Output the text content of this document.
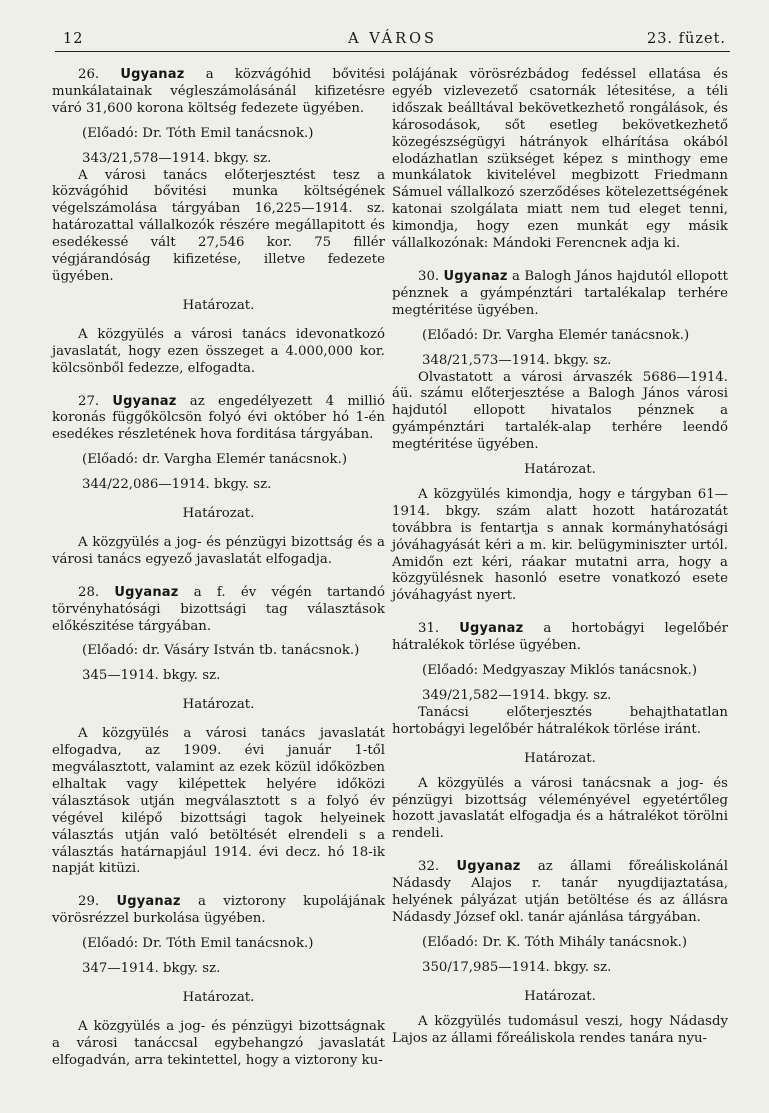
12	A VÁROS	23. füzet.

26. Ugyanaz a közvágóhid bővitési munkálatainak végleszámolásánál kifizetésre váró 31,600 korona költség fedezete ügyében.

(Előadó: Dr. Tóth Emil tanácsnok.)

343/21,578—1914. bkgy. sz.

A városi tanács előterjesztést tesz a közvágóhid bővitési munka költségének végelszámolása tárgyában 16,225—1914. sz. határozattal vállalkozók részére megállapitott és esedékessé vált 27,546 kor. 75 fillér végjárandóság kifizetése, illetve fedezete ügyében.

Határozat.

A közgyülés a városi tanács idevonatkozó javaslatát, hogy ezen összeget a 4.000,000 kor. kölcsönből fedezze, elfogadta.

27. Ugyanaz az engedélyezett 4 millió koronás függőkölcsön folyó évi október hó 1-én esedékes részletének hova forditása tárgyában.

(Előadó: dr. Vargha Elemér tanácsnok.)

344/22,086—1914. bkgy. sz.

Határozat.

A közgyülés a jog- és pénzügyi bizottság és a városi tanács egyező javaslatát elfogadja.

28. Ugyanaz a f. év végén tartandó törvényhatósági bizottsági tag választások előkészitése tárgyában.

(Előadó: dr. Vásáry István tb. tanácsnok.)

345—1914. bkgy. sz.

Határozat.

A közgyülés a városi tanács javaslatát elfogadva, az 1909. évi január 1-től megválasztott, valamint az ezek közül időközben elhaltak vagy kilépettek helyére időközi választások utján megválasztott s a folyó év végével kilépő bizottsági tagok helyeinek választás utján való betöltését elrendeli s a választás határnapjául 1914. évi decz. hó 18-ik napját kitüzi.

29. Ugyanaz a viztorony kupolájának vörösrézzel burkolása ügyében.

(Előadó: Dr. Tóth Emil tanácsnok.)

347—1914. bkgy. sz.

Határozat.

A közgyülés a jog- és pénzügyi bizottságnak a városi tanáccsal egybehangzó javaslatát elfogadván, arra tekintettel, hogy a viztorony ku-

polájának vörösrézbádog fedéssel ellatása és egyéb vizlevezető csatornák létesitése, a téli időszak beálltával bekövetkezhető rongálások, és károsodások, sőt esetleg bekövetkezhető közegészségügyi hátrányok elhárítása okából elodázhatlan szükséget képez s minthogy eme munkálatok kivitelével megbizott Friedmann Sámuel vállalkozó szerződéses kötelezettségének katonai szolgálata miatt nem tud eleget tenni, kimondja, hogy ezen munkát egy másik vállalkozónak: Mándoki Ferencnek adja ki.

30. Ugyanaz a Balogh János hajdutól ellopott pénznek a gyámpénztári tartalékalap terhére megtéritése ügyében.

(Előadó: Dr. Vargha Elemér tanácsnok.)

348/21,573—1914. bkgy. sz.

Olvastatott a városi árvaszék 5686—1914. áü. számu előterjesztése a Balogh János városi hajdutól ellopott hivatalos pénznek a gyámpénztári tartalék-alap terhére leendő megtéritése ügyében.

Határozat.

A közgyülés kimondja, hogy e tárgyban 61—1914. bkgy. szám alatt hozott határozatát továbbra is fentartja s annak kormányhatósági jóváhagyását kéri a m. kir. belügyminiszter urtól. Amidőn ezt kéri, ráakar mutatni arra, hogy a közgyülésnek hasonló esetre vonatkozó esete jóváhagyást nyert.

31. Ugyanaz a hortobágyi legelőbér hátralékok törlése ügyében.

(Előadó: Medgyaszay Miklós tanácsnok.)

349/21,582—1914. bkgy. sz.

Tanácsi előterjesztés behajthatatlan hortobágyi legelőbér hátralékok törlése iránt.

Határozat.

A közgyülés a városi tanácsnak a jog- és pénzügyi bizottság véleményével egyetértőleg hozott javaslatát elfogadja és a hátralékot törölni rendeli.

32. Ugyanaz az állami főreáliskolánál Nádasdy Alajos r. tanár nyugdijaztatása, helyének pályázat utján betöltése és az állásra Nádasdy József okl. tanár ajánlása tárgyában.

(Előadó: Dr. K. Tóth Mihály tanácsnok.)

350/17,985—1914. bkgy. sz.

Határozat.

A közgyülés tudomásul veszi, hogy Nádasdy Lajos az állami főreáliskola rendes tanára nyu-
